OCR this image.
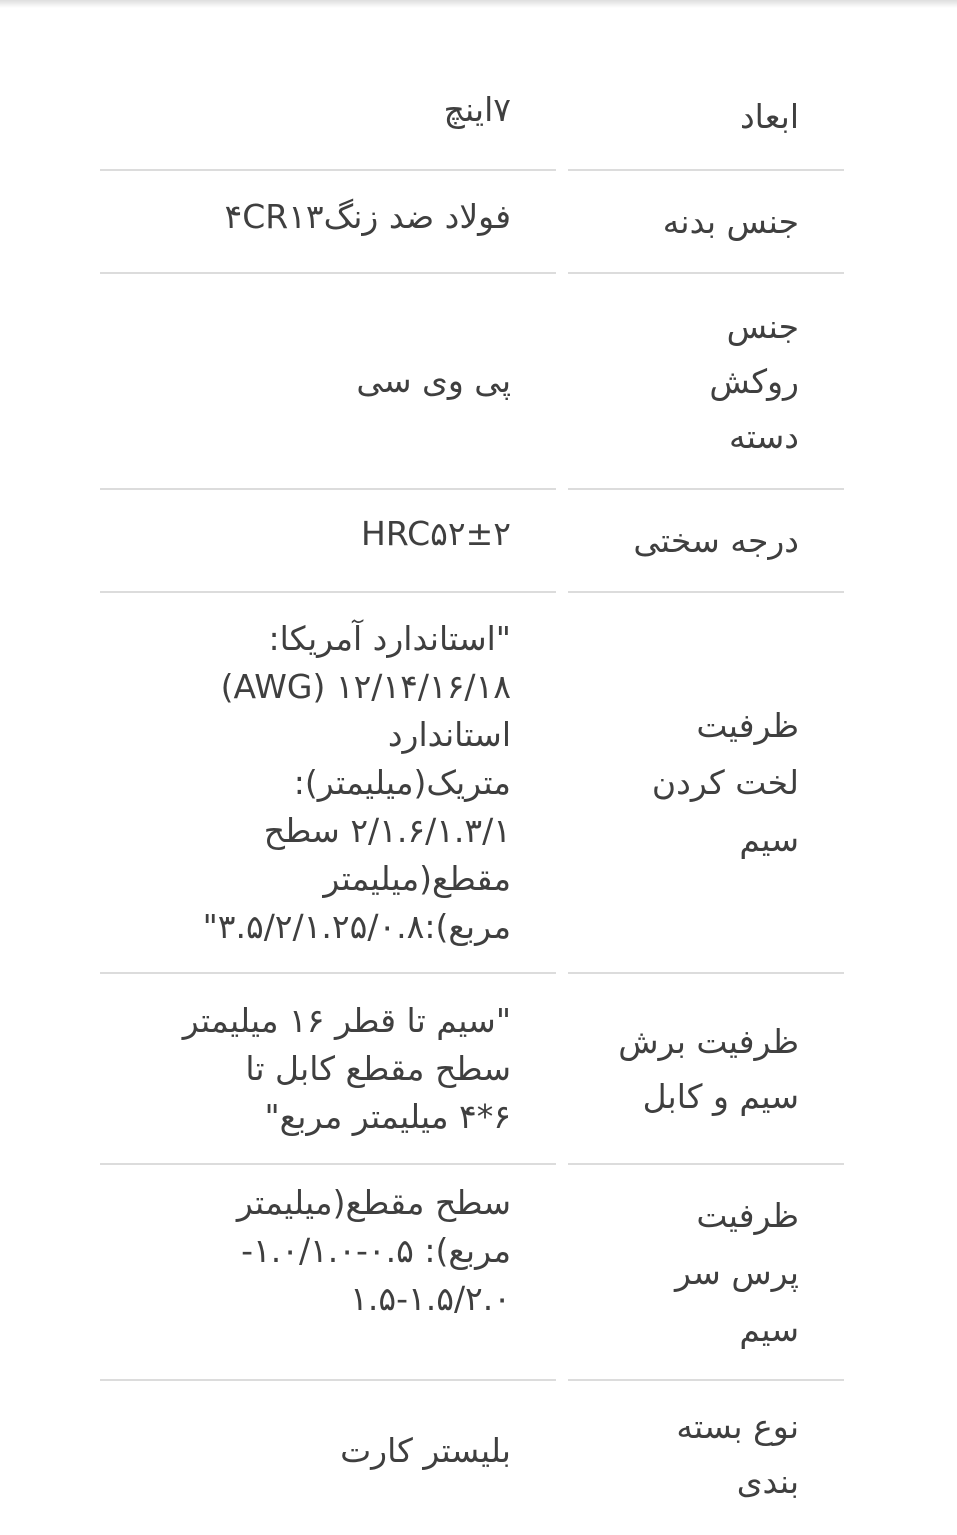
ابعاد
۷اینچ
جنس بدنه
فولاد ضد زنگ۴CR۱۳
جنس
روکش
دسته
پی وی سی
درجه سختی
HRC۵۲±۲
ظرفیت
لخت کردن
سیم
"استاندارد آمریکا:
۱۲/۱۴/۱۶/۱۸ (AWG)
استاندارد
متریک(میلیمتر):
۲/۱.۶/۱.۳/۱ سطح
مقطع(میلیمتر
مربع):۳.۵/۲/۱.۲۵/۰.۸"
ظرفیت برش
سیم و کابل
"سیم تا قطر ۱۶ میلیمتر
سطح مقطع کابل تا
۶*۴ میلیمتر مربع"
ظرفیت
پرس سر
سیم
سطح مقطع(میلیمتر
مربع): ۰.۵-۱.۰/۱.۰-
۱.۵-۱.۵/۲.۰
نوع بسته
بندی
بلیستر کارت
